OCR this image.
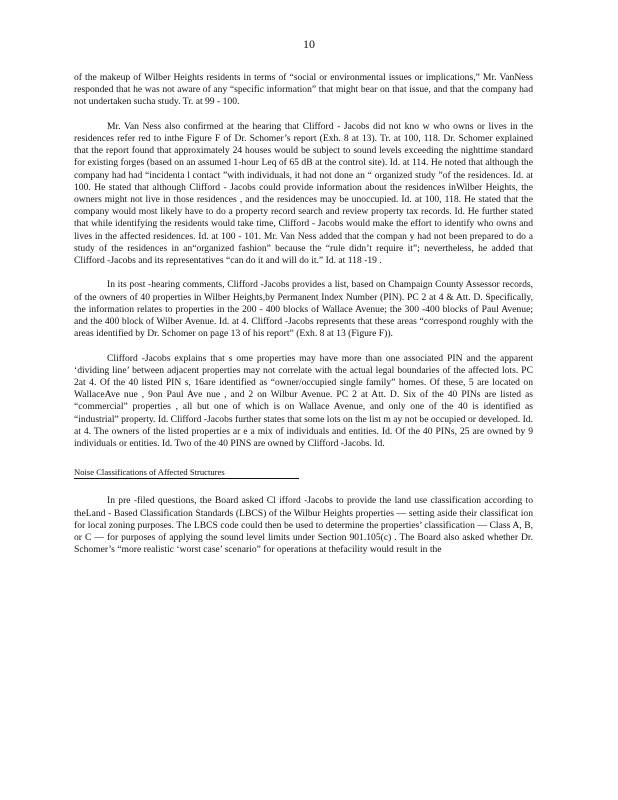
10

of the makeup of Wilber Heights residents in terms of “social or environmental issues or implications,” Mr. VanNess responded that he was not aware of any “specific information” that might bear on that issue, and that the company had not undertaken sucha study. Tr. at 99 - 100.

Mr. Van Ness also confirmed at the hearing that Clifford - Jacobs did not kno w who owns or lives in the residences refer red to inthe Figure F of Dr. Schomer’s report (Exh. 8 at 13). Tr. at 100, 118. Dr. Schomer explained that the report found that approximately 24 houses would be subject to sound levels exceeding the nighttime standard for existing forges (based on an assumed 1-hour Leq of 65 dB at the control site). Id. at 114. He noted that although the company had had “incidenta l contact ”with individuals, it had not done an “ organized study ”of the residences. Id. at 100. He stated that although Clifford - Jacobs could provide information about the residences inWilber Heights, the owners might not live in those residences , and the residences may be unoccupied. Id. at 100, 118. He stated that the company would most likely have to do a property record search and review property tax records. Id. He further stated that while identifying the residents would take time, Clifford - Jacobs would make the effort to identify who owns and lives in the affected residences. Id. at 100 - 101. Mr. Van Ness added that the compan y had not been prepared to do a study of the residences in an“organized fashion” because the “rule didn’t require it”; nevertheless, he added that Clifford -Jacobs and its representatives “can do it and will do it.” Id. at 118 -19 .

In its post -hearing comments, Clifford -Jacobs provides a list, based on Champaign County Assessor records, of the owners of 40 properties in Wilber Heights,by Permanent Index Number (PIN). PC 2 at 4 & Att. D. Specifically, the information relates to properties in the 200 - 400 blocks of Wallace Avenue; the 300 -400 blocks of Paul Avenue; and the 400 block of Wilber Avenue. Id. at 4. Clifford -Jacobs represents that these areas “correspond roughly with the areas identified by Dr. Schomer on page 13 of his report” (Exh. 8 at 13 (Figure F)).

Clifford -Jacobs explains that s ome properties may have more than one associated PIN and the apparent ‘dividing line’ between adjacent properties may not correlate with the actual legal boundaries of the affected lots. PC 2at 4. Of the 40 listed PIN s, 16are identified as “owner/occupied single family” homes. Of these, 5 are located on WallaceAve nue , 9on Paul Ave nue , and 2 on Wilbur Avenue. PC 2 at Att. D. Six of the 40 PINs are listed as “commercial” properties , all but one of which is on Wallace Avenue, and only one of the 40 is identified as “industrial” property. Id. Clifford -Jacobs further states that some lots on the list m ay not be occupied or developed. Id. at 4. The owners of the listed properties ar e a mix of individuals and entities. Id. Of the 40 PINs, 25 are owned by 9 individuals or entities. Id. Two of the 40 PINS are owned by Clifford -Jacobs. Id.

Noise Classifications of Affected Structures

In pre -filed questions, the Board asked Cl ifford -Jacobs to provide the land use classification according to theLand - Based Classification Standards (LBCS) of the Wilbur Heights properties — setting aside their classificat ion for local zoning purposes. The LBCS code could then be used to determine the properties’ classification — Class A, B, or C — for purposes of applying the sound level limits under Section 901.105(c) . The Board also asked whether Dr. Schomer’s “more realistic ‘worst case’ scenario” for operations at thefacility would result in the
